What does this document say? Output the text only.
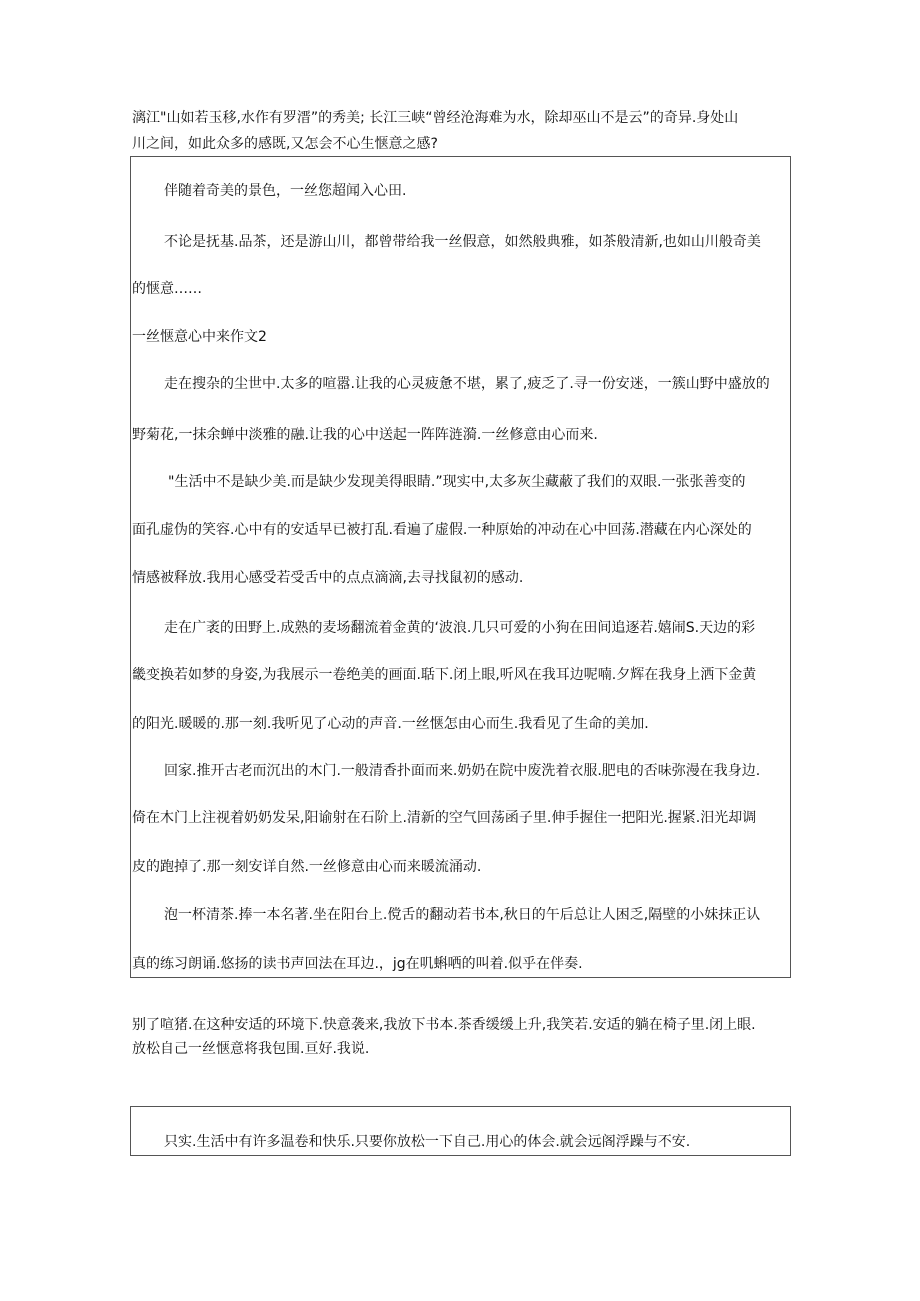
漓江"山如若玉移,水作有罗溍”的秀美; 长江三峡“曾经沧海难为水，除却巫山不是云”的奇异.身处山
川之间，如此众多的感既,又怎会不心生惬意之感?
伴随着奇美的景色，一丝您超闻入心田.
不论是抚基.品茶，还是游山川，都曾带给我一丝假意，如然般典雅，如茶般清新,也如山川般奇美
的惬意……
一丝惬意心中来作文2
走在搜杂的尘世中.太多的喧嚣.让我的心灵疲惫不堪，累了,疲乏了.寻一份安迷，一簇山野中盛放的
野菊花,一抹余蝉中淡雅的融.让我的心中送起一阵阵涟漪.一丝修意由心而来.
"生活中不是缺少美.而是缺少发现美得眼睛.”现实中,太多灰尘藏蔽了我们的双眼.一张张善变的
面孔虚伪的笑容.心中有的安适早已被打乱.看遍了虚假.一种原始的冲动在心中回荡.潜藏在内心深处的
情感被释放.我用心感受若受舌中的点点滴滴,去寻找鼠初的感动.
走在广袤的田野上.成熟的麦场翻流着金黄的‘波浪.几只可爱的小狗在田间追逐若.嬉闹S.天边的彩
畿变换若如梦的身姿,为我展示一卷绝美的画面.聒下.闭上眼,听风在我耳边呢喃.夕辉在我身上洒下金黄
的阳光.暖暖的.那一刻.我听见了心动的声音.一丝惬怎由心而生.我看见了生命的美加.
回家.推开古老而沉出的木门.一般清香扑面而来.奶奶在院中废洗着衣服.肥电的否味弥漫在我身边.
倚在木门上注视着奶奶发呆,阳谕射在石阶上.清新的空气回荡函子里.伸手握住一把阳光.握紧.汨光却调
皮的跑掉了.那一刻安详自然.一丝修意由心而来暖流涌动.
泡一杯清茶.捧一本名著.坐在阳台上.傥舌的翻动若书本,秋日的午后总让人困乏,隔壁的小妹抹正认
真的练习朗诵.悠扬的读书声回法在耳边.，jg在叽蝌哂的叫着.似乎在伴奏.
别了喧猪.在这种安适的环境下.快意袭来,我放下书本.茶香缓缓上升,我笑若.安适的躺在椅子里.闭上眼.
放松自己一丝惬意将我包围.亘好.我说.
只实.生活中有许多温卷和快乐.只要你放松一下自己.用心的体会.就会远阁浮躁与不安.
